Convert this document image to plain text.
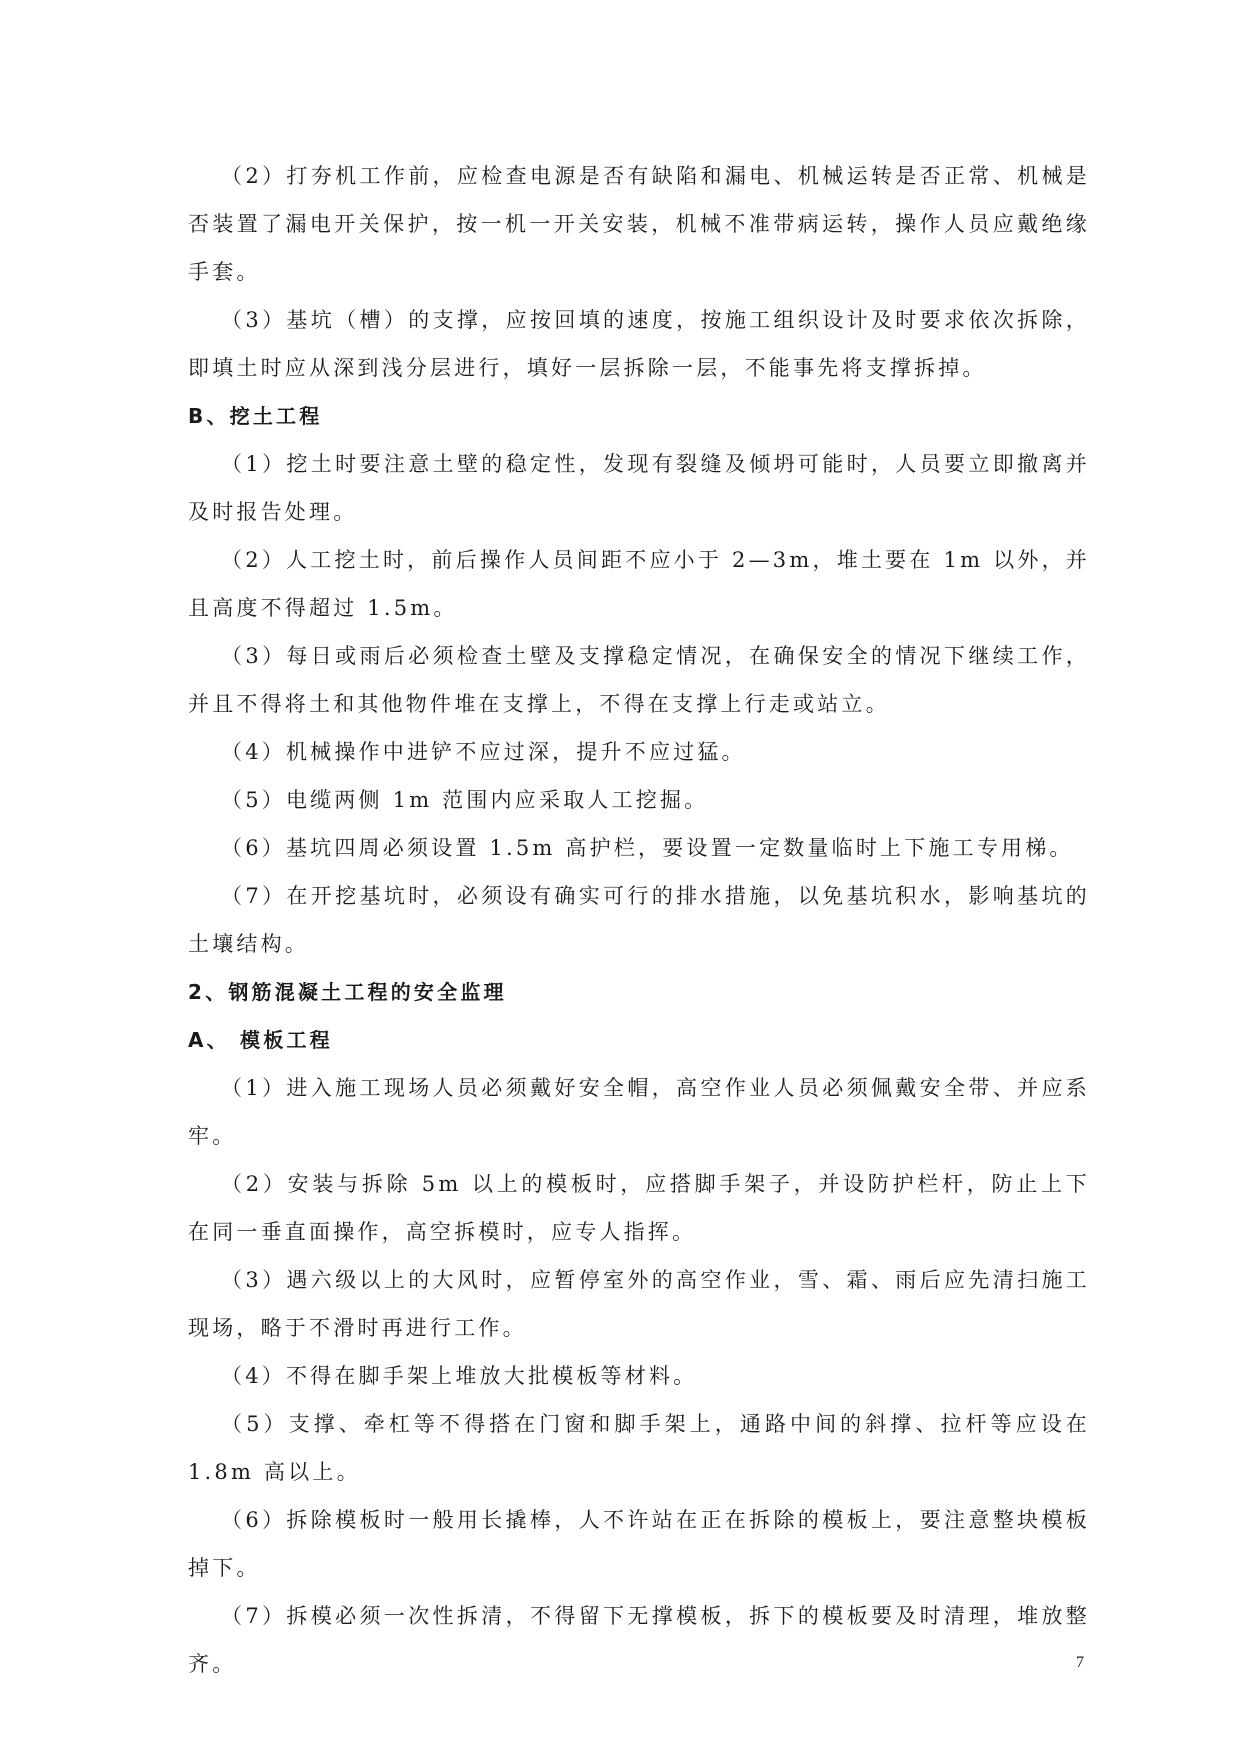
（2）打夯机工作前，应检查电源是否有缺陷和漏电、机械运转是否正常、机械是否装置了漏电开关保护，按一机一开关安装，机械不准带病运转，操作人员应戴绝缘手套。

（3）基坑（槽）的支撑，应按回填的速度，按施工组织设计及时要求依次拆除，即填土时应从深到浅分层进行，填好一层拆除一层，不能事先将支撑拆掉。

B、挖土工程

（1）挖土时要注意土壁的稳定性，发现有裂缝及倾坍可能时，人员要立即撤离并及时报告处理。

（2）人工挖土时，前后操作人员间距不应小于 2—3m，堆土要在 1m 以外，并且高度不得超过 1.5m。

（3）每日或雨后必须检查土壁及支撑稳定情况，在确保安全的情况下继续工作，并且不得将土和其他物件堆在支撑上，不得在支撑上行走或站立。

（4）机械操作中进铲不应过深，提升不应过猛。

（5）电缆两侧 1m 范围内应采取人工挖掘。

（6）基坑四周必须设置 1.5m 高护栏，要设置一定数量临时上下施工专用梯。

（7）在开挖基坑时，必须设有确实可行的排水措施，以免基坑积水，影响基坑的土壤结构。

2、钢筋混凝土工程的安全监理

A、 模板工程

（1）进入施工现场人员必须戴好安全帽，高空作业人员必须佩戴安全带、并应系牢。

（2）安装与拆除 5m 以上的模板时，应搭脚手架子，并设防护栏杆，防止上下在同一垂直面操作，高空拆模时，应专人指挥。

（3）遇六级以上的大风时，应暂停室外的高空作业，雪、霜、雨后应先清扫施工现场，略于不滑时再进行工作。

（4）不得在脚手架上堆放大批模板等材料。

（5）支撑、牵杠等不得搭在门窗和脚手架上，通路中间的斜撑、拉杆等应设在 1.8m 高以上。

（6）拆除模板时一般用长撬棒，人不许站在正在拆除的模板上，要注意整块模板掉下。

（7）拆模必须一次性拆清，不得留下无撑模板，拆下的模板要及时清理，堆放整齐。	7
